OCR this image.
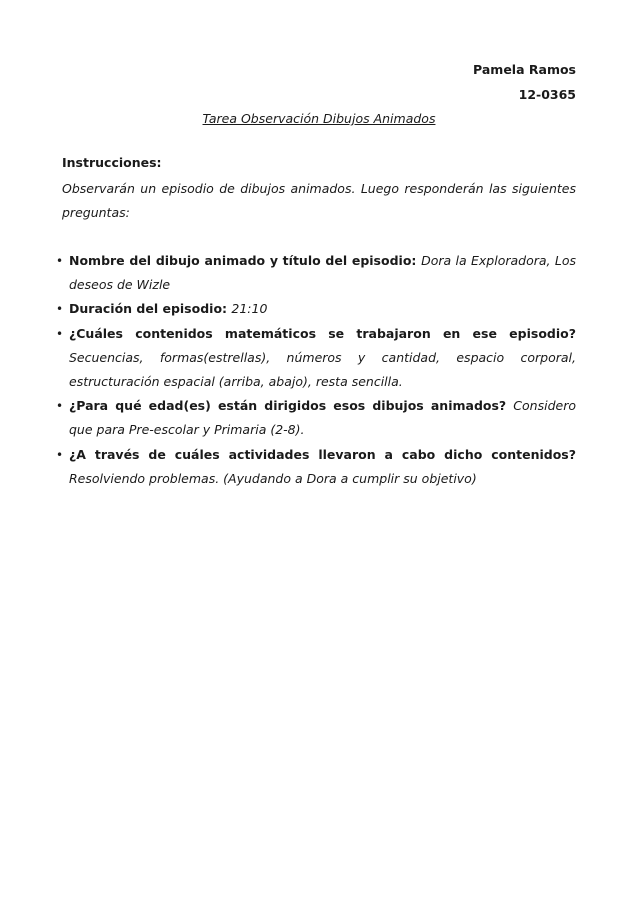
Pamela Ramos
12-0365
Tarea Observación Dibujos Animados
Instrucciones:
Observarán un episodio de dibujos animados. Luego responderán las siguientes preguntas:
• Nombre del dibujo animado y título del episodio: Dora la Exploradora, Los deseos de Wizle
• Duración del episodio: 21:10
• ¿Cuáles contenidos matemáticos se trabajaron en ese episodio? Secuencias, formas(estrellas), números y cantidad, espacio corporal, estructuración espacial (arriba, abajo), resta sencilla.
• ¿Para qué edad(es) están dirigidos esos dibujos animados? Considero que para Pre-escolar y Primaria (2-8).
• ¿A través de cuáles actividades llevaron a cabo dicho contenidos? Resolviendo problemas. (Ayudando a Dora a cumplir su objetivo)
